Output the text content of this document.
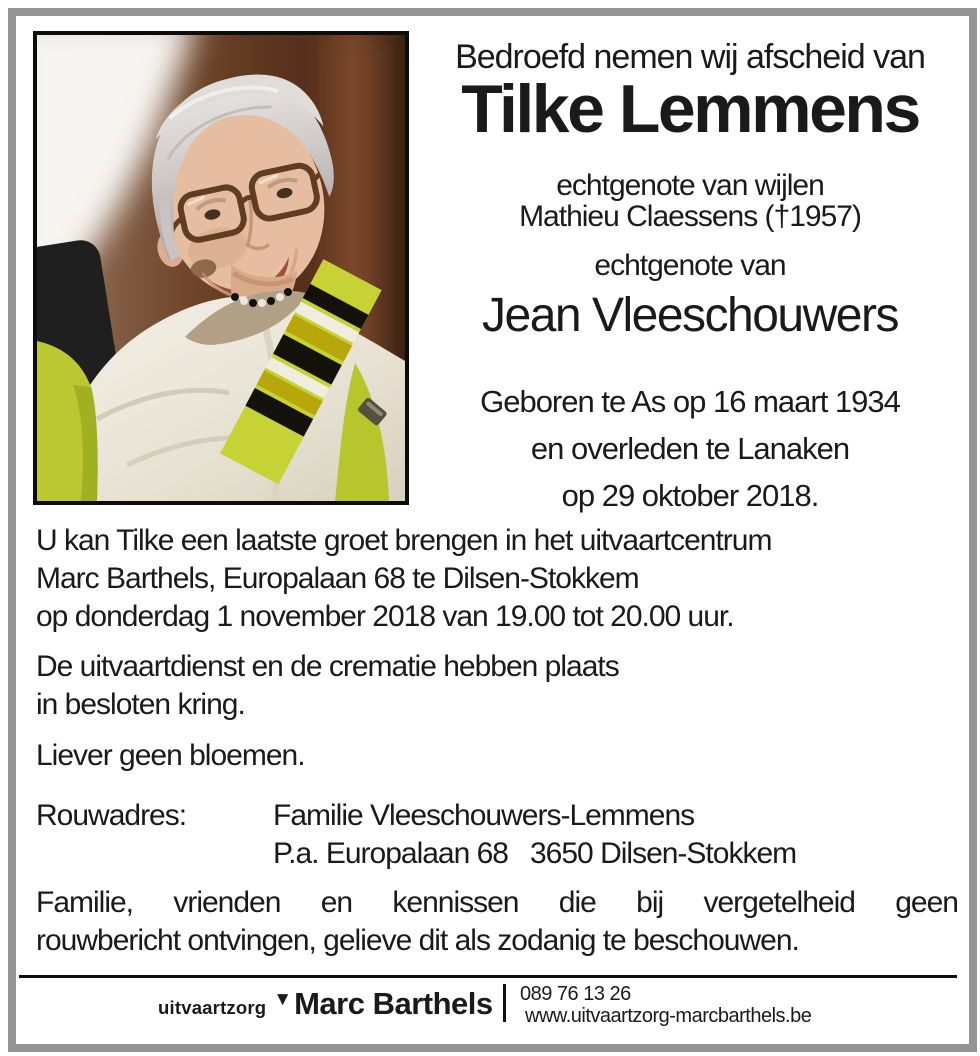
Bedroefd nemen wij afscheid van
Tilke Lemmens
echtgenote van wijlen
Mathieu Claessens (†1957)
echtgenote van
Jean Vleeschouwers
Geboren te As op 16 maart 1934
en overleden te Lanaken
op 29 oktober 2018.
U kan Tilke een laatste groet brengen in het uitvaartcentrum
Marc Barthels, Europalaan 68 te Dilsen-Stokkem
op donderdag 1 november 2018 van 19.00 tot 20.00 uur.
De uitvaartdienst en de crematie hebben plaats
in besloten kring.
Liever geen bloemen.
Rouwadres:	Familie Vleeschouwers-Lemmens
P.a. Europalaan 68   3650 Dilsen-Stokkem
Familie, vrienden en kennissen die bij vergetelheid geen
rouwbericht ontvingen, gelieve dit als zodanig te beschouwen.
uitvaartzorg ▼ Marc Barthels 089 76 13 26
www.uitvaartzorg-marcbarthels.be
